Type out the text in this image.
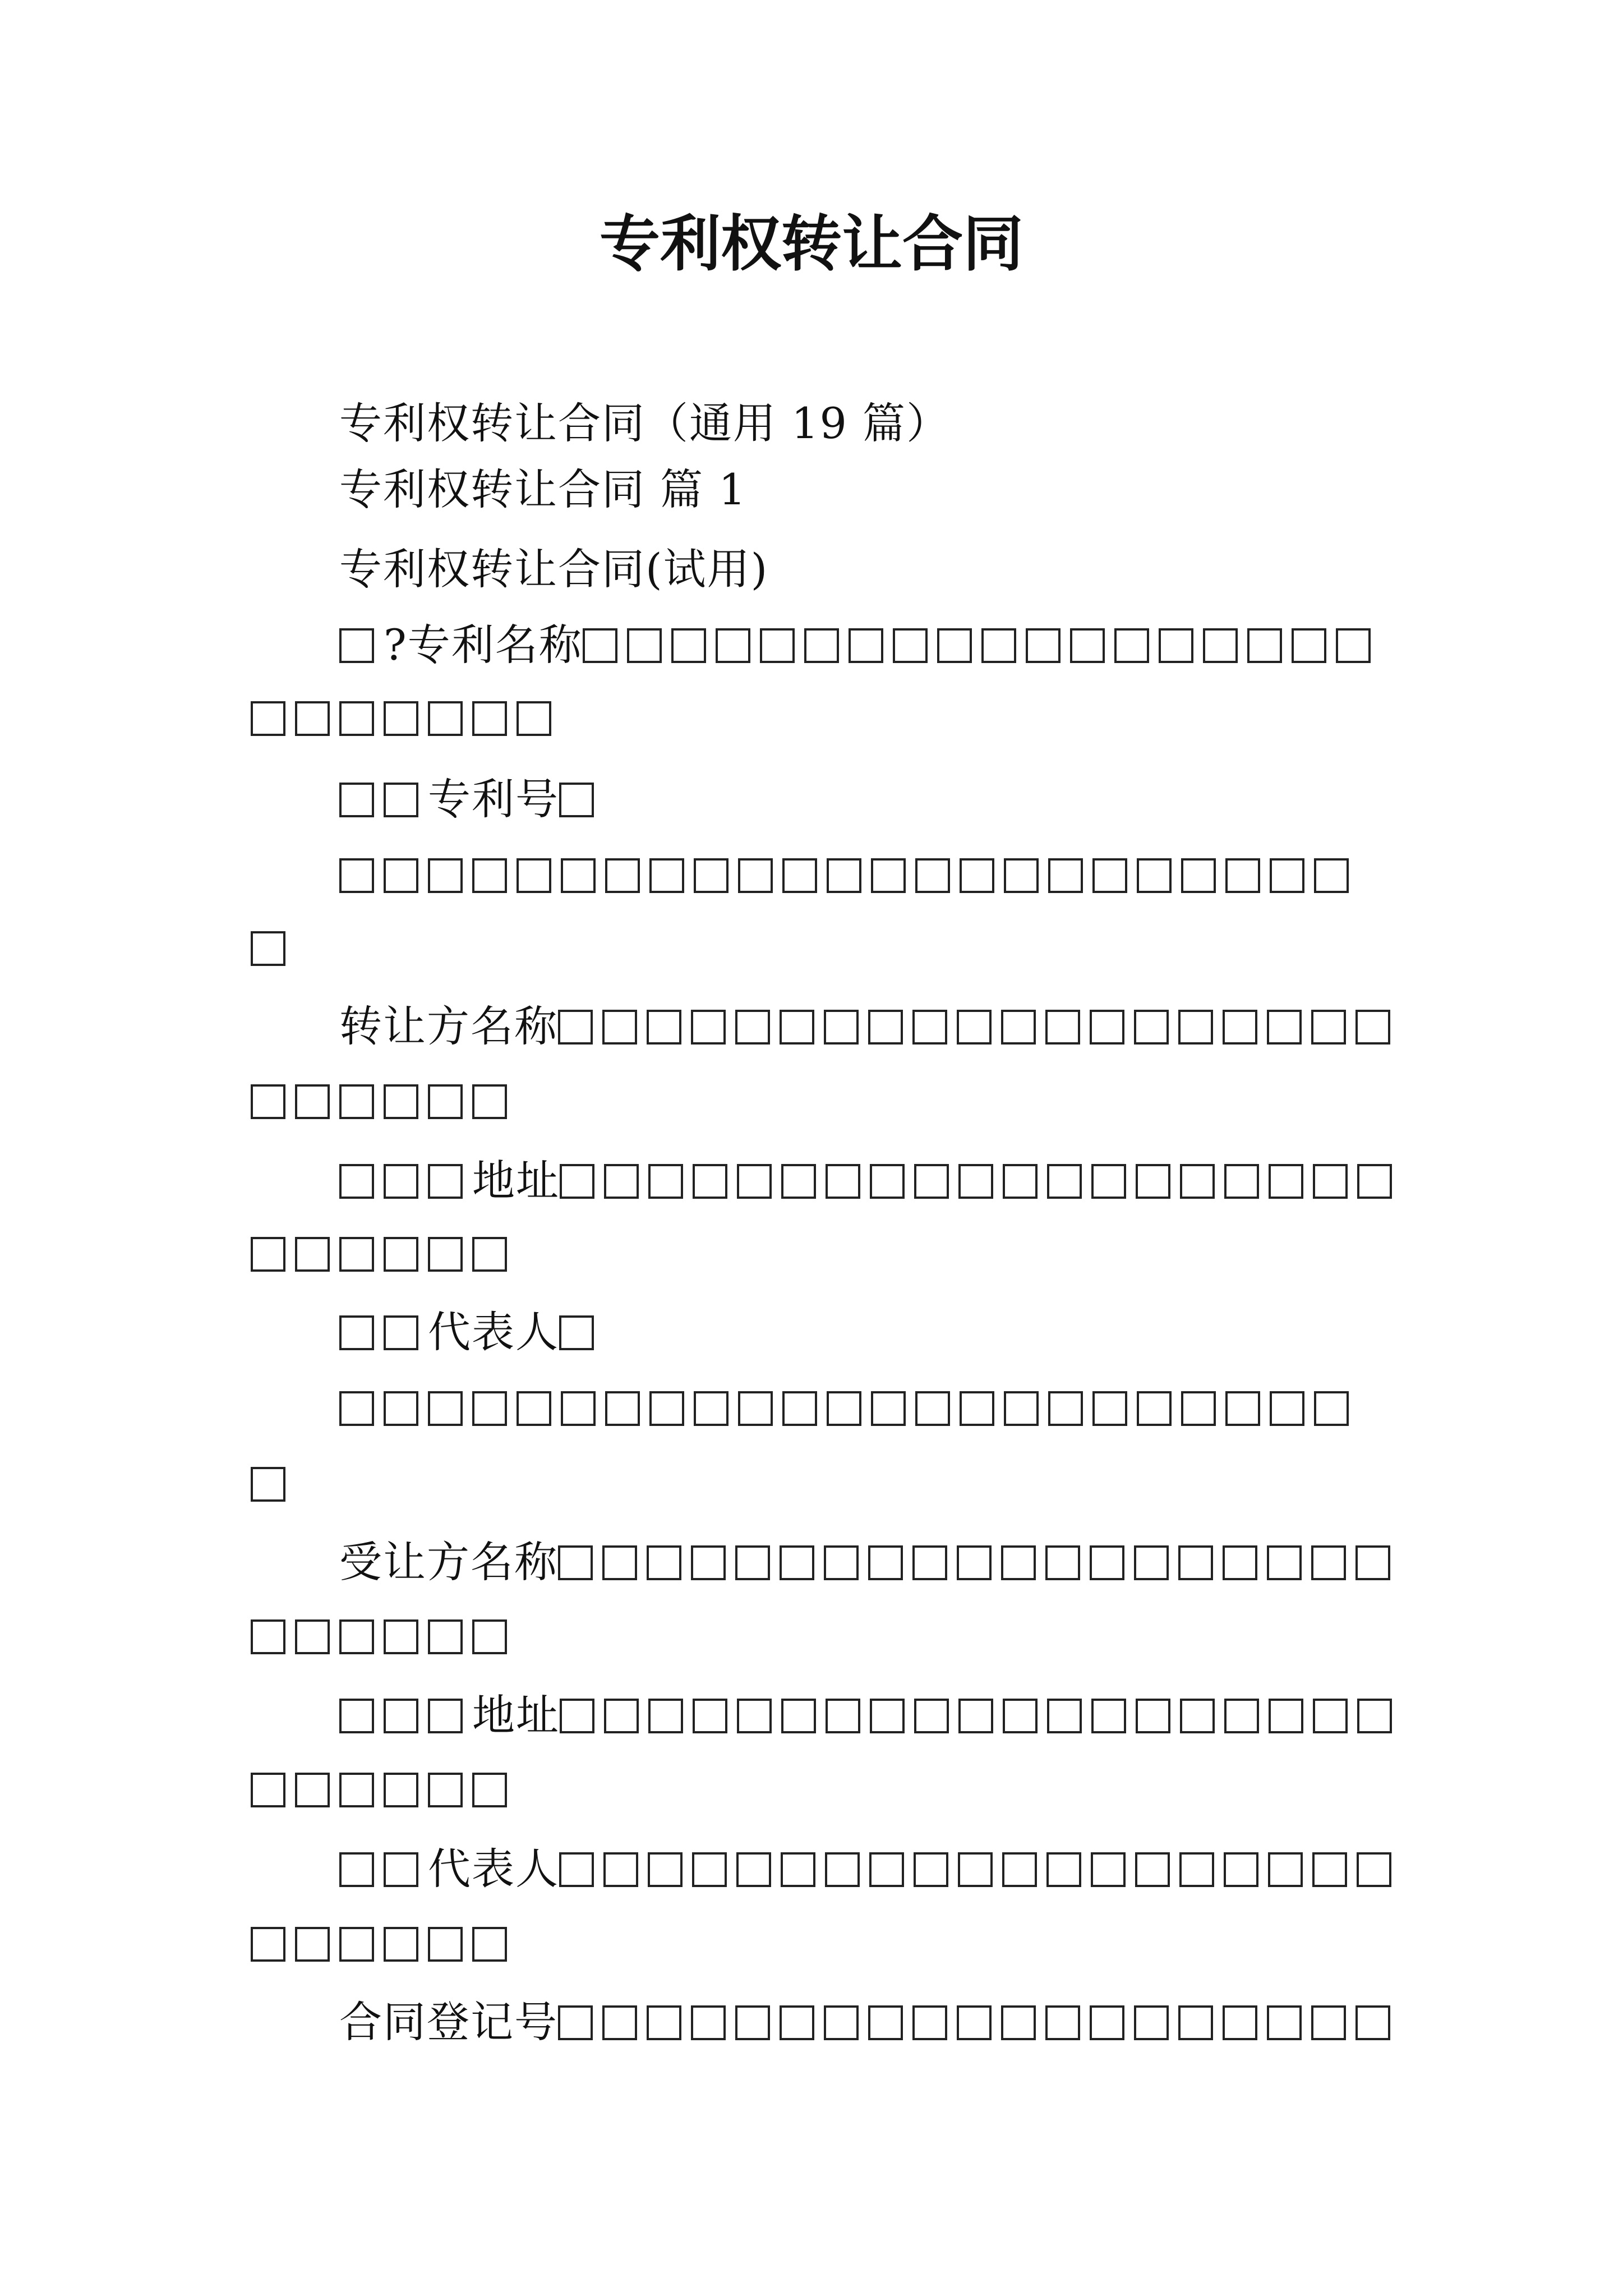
专利权转让合同
专利权转让合同（通用 19 篇）
专利权转让合同 篇 1
专利权转让合同(试用)
?专利名称
专利号
转让方名称
地址
代表人
受让方名称
地址
代表人
合同登记号
